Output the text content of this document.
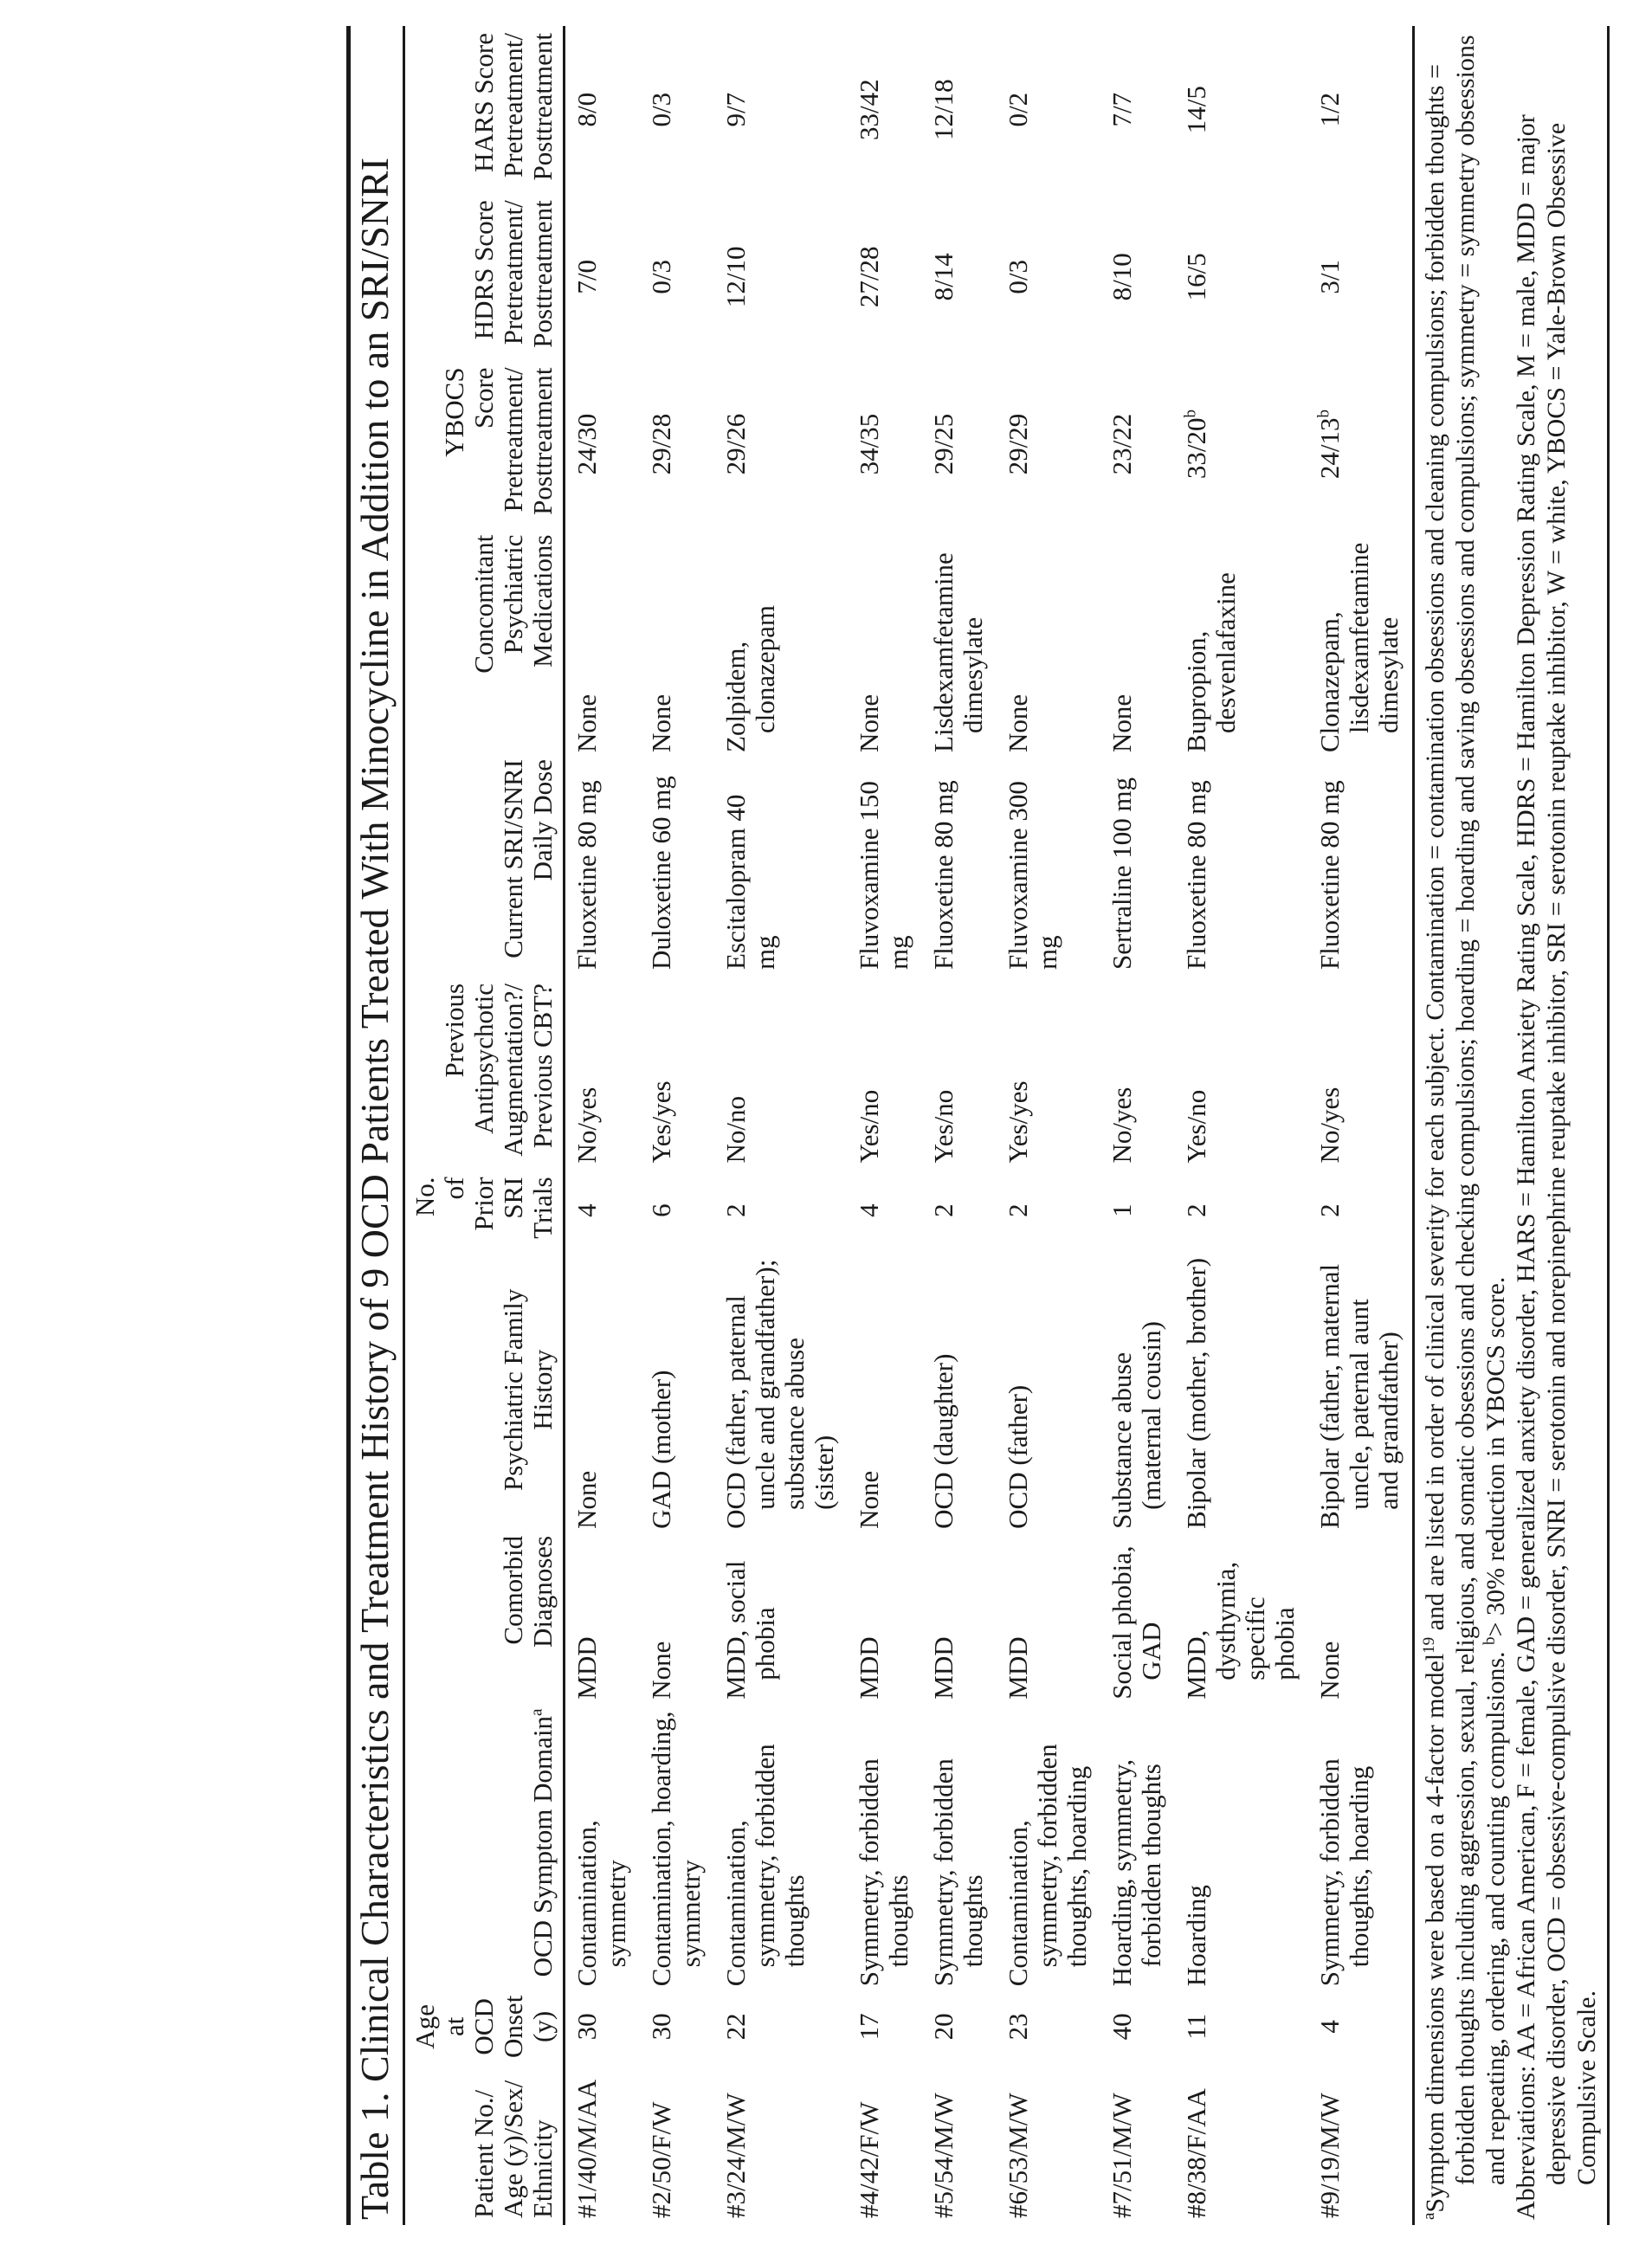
Table 1. Clinical Characteristics and Treatment History of 9 OCD Patients Treated With Minocycline in Addition to an SRI/SNRI	Patient No./ Age (y)/Sex/ Ethnicity	Age at OCD Onset (y)	OCD Symptom Domain$^a$	Comorbid Diagnoses	Psychiatric Family History	No. of Prior SRI Trials	Previous Antipsychotic Augmentation?/ Previous CBT?	Current SRI/SNRI Daily Dose	Concomitant Psychiatric Medications	YBOCS Score Pretreatment/ Posttreatment	HDRS Score Pretreatment/ Posttreatment	HARS Score Pretreatment/ Posttreatment
#1/40/M/AA	30	Contamination, symmetry	MDD	None	4	No/yes	Fluoxetine 80 mg	None	24/30	7/0	8/0
#2/50/F/W	30	Contamination, hoarding, symmetry	None	GAD (mother)	6	Yes/yes	Duloxetine 60 mg	None	29/28	0/3	0/3
#3/24/M/W	22	Contamination, symmetry, forbidden thoughts	MDD, social phobia	OCD (father, paternal uncle and grandfather); substance abuse (sister)	2	No/no	Escitalopram 40 mg	Zolpidem, clonazepam	29/26	12/10	9/7
#4/42/F/W	17	Symmetry, forbidden thoughts	MDD	None	4	Yes/no	Fluvoxamine 150 mg	None	34/35	27/28	33/42
#5/54/M/W	20	Symmetry, forbidden thoughts	MDD	OCD (daughter)	2	Yes/no	Fluoxetine 80 mg	Lisdexamfetamine dimesylate	29/25	8/14	12/18
#6/53/M/W	23	Contamination, symmetry, forbidden thoughts, hoarding	MDD	OCD (father)	2	Yes/yes	Fluvoxamine 300 mg	None	29/29	0/3	0/2
#7/51/M/W	40	Hoarding, symmetry, forbidden thoughts	Social phobia, GAD	Substance abuse (maternal cousin)	1	No/yes	Sertraline 100 mg	None	23/22	8/10	7/7
#8/38/F/AA	11	Hoarding	MDD, dysthymia, specific phobia	Bipolar (mother, brother)	2	Yes/no	Fluoxetine 80 mg	Bupropion, desvenlafaxine	33/20$^b$	16/5	14/5
#9/19/M/W	4	Symmetry, forbidden thoughts, hoarding	None	Bipolar (father, maternal uncle, paternal aunt and grandfather)	2	No/yes	Fluoxetine 80 mg	Clonazepam, lisdexamfetamine dimesylate	24/13$^b$	3/1	1/2

$^a$Symptom dimensions were based on a 4-factor model$^{19}$ and are listed in order of clinical severity for each subject. Contamination = contamination obsessions and cleaning compulsions; forbidden thoughts = forbidden thoughts including aggression, sexual, religious, and somatic obsessions and checking compulsions; hoarding = hoarding and saving obsessions and compulsions; symmetry = symmetry obsessions and repeating, ordering, and counting compulsions. $^b$> 30% reduction in YBOCS score. Abbreviations: AA = African American, F = female, GAD = generalized anxiety disorder, HARS = Hamilton Anxiety Rating Scale, HDRS = Hamilton Depression Rating Scale, M = male, MDD = major depressive disorder, OCD = obsessive-compulsive disorder, SNRI = serotonin and norepinephrine reuptake inhibitor, SRI = serotonin reuptake inhibitor, W = white, YBOCS = Yale-Brown Obsessive Compulsive Scale.
